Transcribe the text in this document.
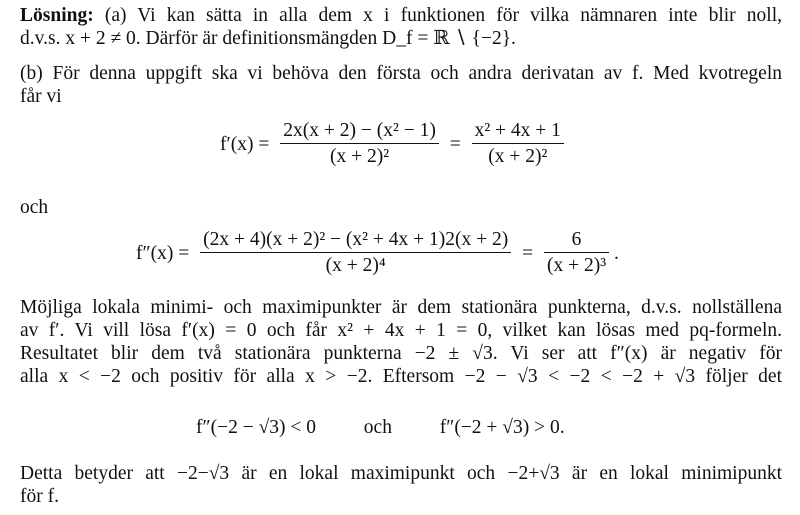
Lösning: (a) Vi kan sätta in alla dem x i funktionen för vilka nämnaren inte blir noll,
d.v.s. x + 2 ≠ 0. Därför är definitionsmängden D_f = ℝ ∖ {−2}.
(b) För denna uppgift ska vi behöva den första och andra derivatan av f. Med kvotregeln
får vi
$f'(x) = \frac{\text{2x(x + 2) − (x² − 1)}}{\text{(x + 2)²}} = \frac{\text{x² + 4x + 1}}{\text{(x + 2)²}}$
och
$f''(x) = \frac{\text{(2x + 4)(x + 2)² − (x² + 4x + 1)2(x + 2)}}{\text{(x + 2)⁴}} = \frac{6}{\text{(x + 2)³}}$ .
Möjliga lokala minimi- och maximipunkter är dem stationära punkterna, d.v.s. nollställena
av f′. Vi vill lösa f′(x) = 0 och får x² + 4x + 1 = 0, vilket kan lösas med pq-formeln.
Resultatet blir dem två stationära punkterna −2 ± √3. Vi ser att f″(x) är negativ för
alla x < −2 och positiv för alla x > −2. Eftersom −2 − √3 < −2 < −2 + √3 följer det
f″(−2 − √3) < 0 och f″(−2 + √3) > 0.
Detta betyder att −2−√3 är en lokal maximipunkt och −2+√3 är en lokal minimipunkt
för f.
